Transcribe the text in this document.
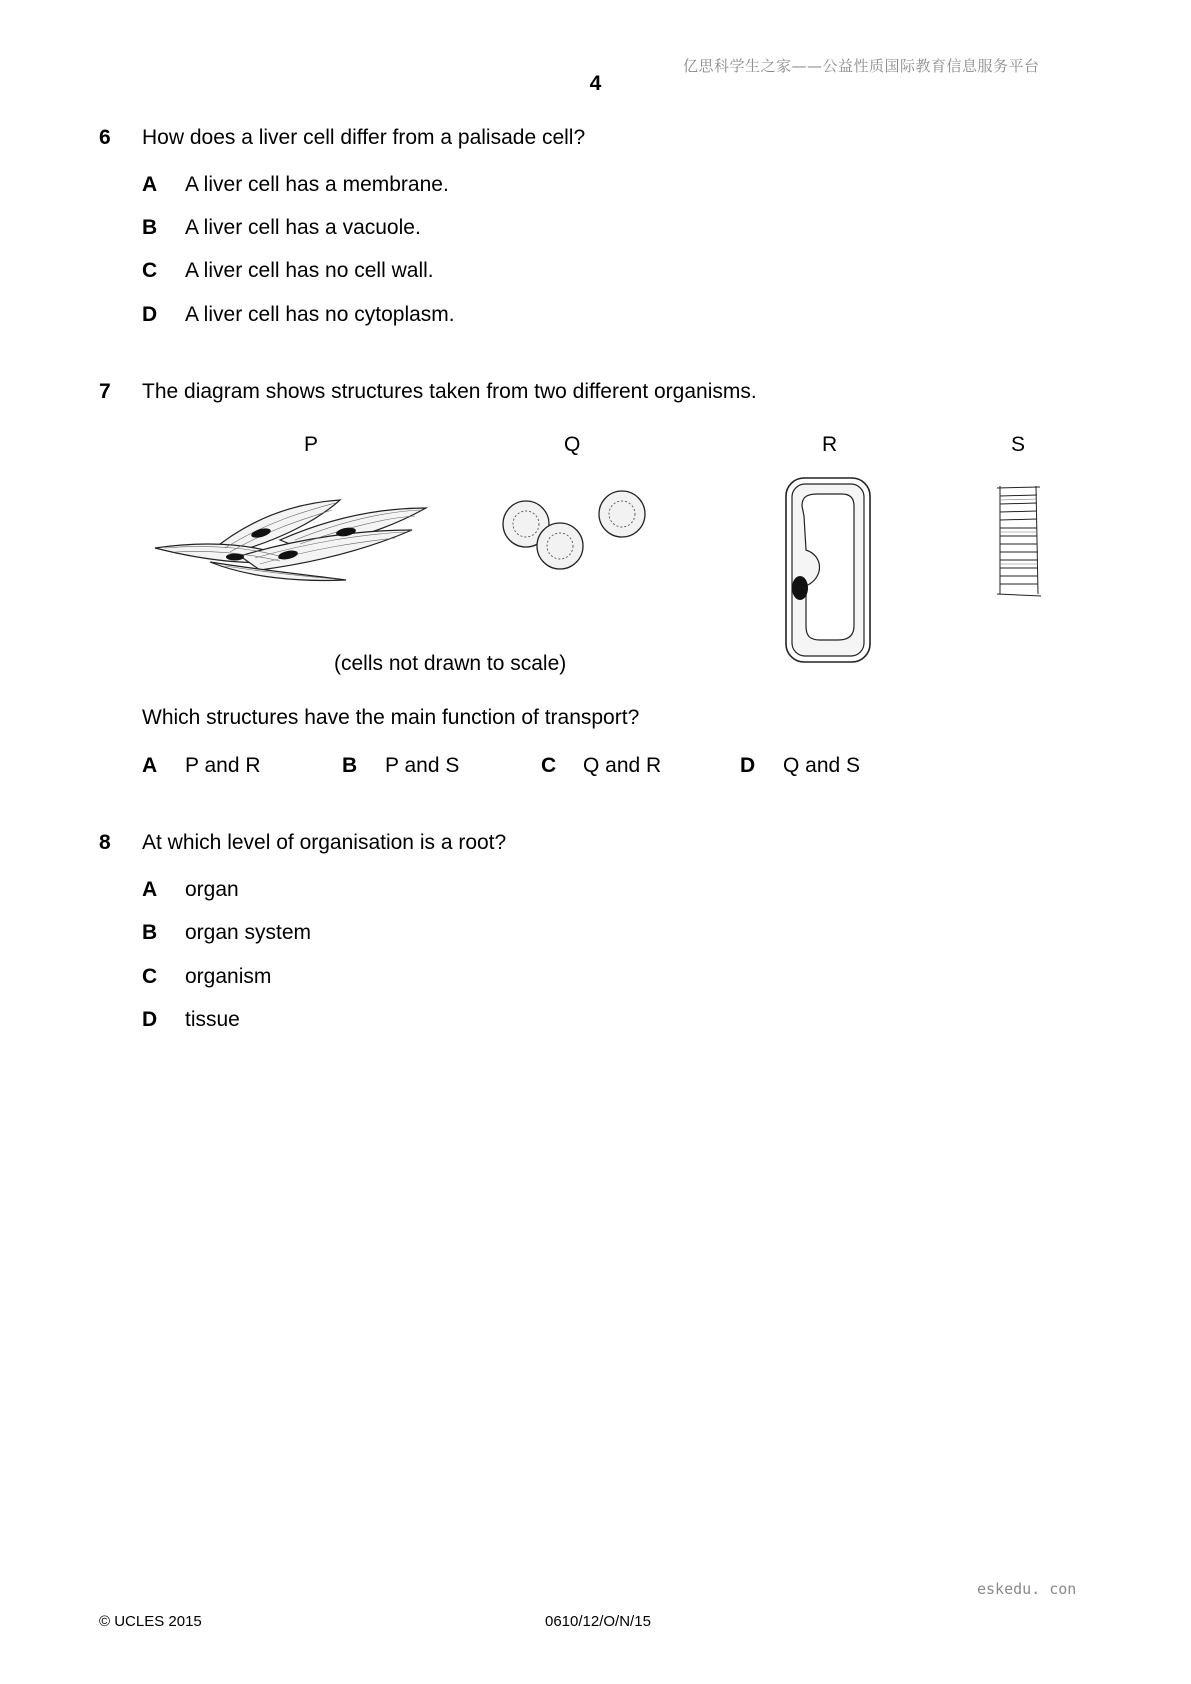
亿思科学生之家——公益性质国际教育信息服务平台
4
6 How does a liver cell differ from a palisade cell?
A A liver cell has a membrane.
B A liver cell has a vacuole.
C A liver cell has no cell wall.
D A liver cell has no cytoplasm.
7 The diagram shows structures taken from two different organisms.
P	Q	R	S
(cells not drawn to scale)
Which structures have the main function of transport?
A P and R	B P and S	C Q and R	D Q and S
8 At which level of organisation is a root?
A organ
B organ system
C organism
D tissue
eskedu. con
© UCLES 2015	0610/12/O/N/15
